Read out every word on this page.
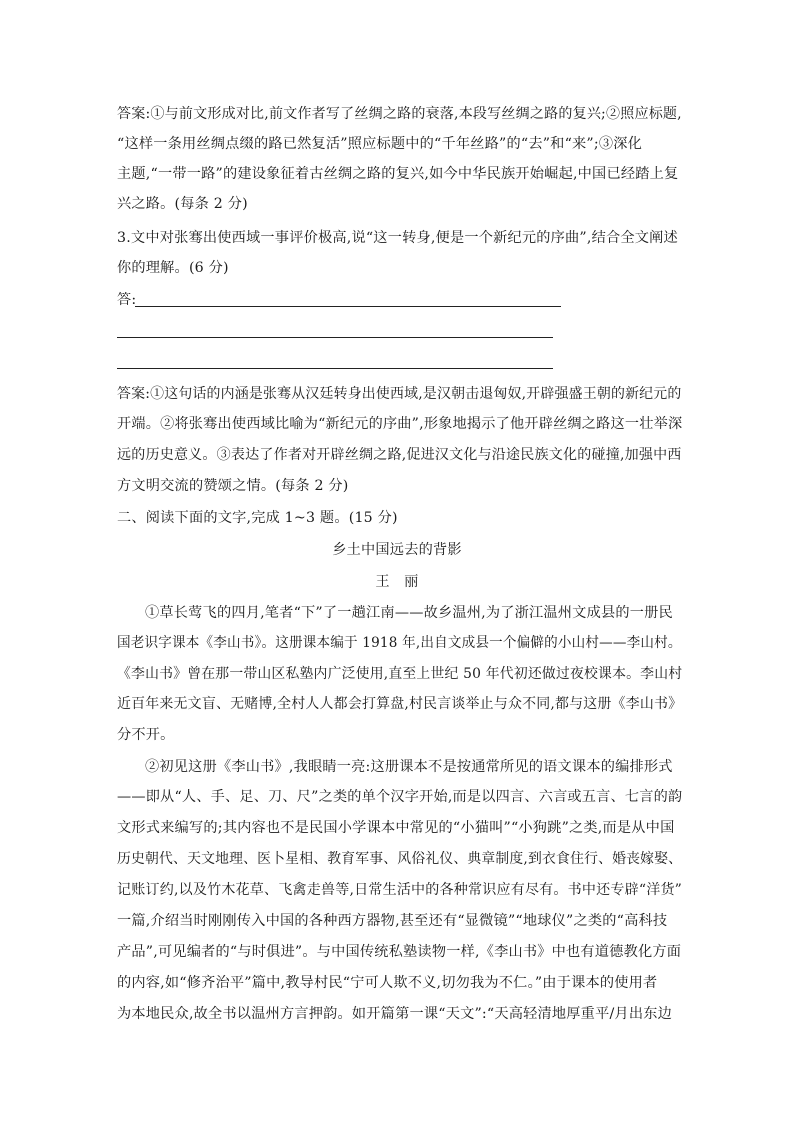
答案:①与前文形成对比,前文作者写了丝绸之路的衰落,本段写丝绸之路的复兴;②照应标题,
“这样一条用丝绸点缀的路已然复活”照应标题中的“千年丝路”的“去”和“来”;③深化
主题,“一带一路”的建设象征着古丝绸之路的复兴,如今中华民族开始崛起,中国已经踏上复
兴之路。(每条 2 分)
3.文中对张骞出使西域一事评价极高,说“这一转身,便是一个新纪元的序曲”,结合全文阐述
你的理解。(6 分)
答:
答案:①这句话的内涵是张骞从汉廷转身出使西域,是汉朝击退匈奴,开辟强盛王朝的新纪元的
开端。②将张骞出使西域比喻为“新纪元的序曲”,形象地揭示了他开辟丝绸之路这一壮举深
远的历史意义。③表达了作者对开辟丝绸之路,促进汉文化与沿途民族文化的碰撞,加强中西
方文明交流的赞颂之情。(每条 2 分)
二、阅读下面的文字,完成 1~3 题。(15 分)
乡土中国远去的背影
王　丽
①草长莺飞的四月,笔者“下”了一趟江南——故乡温州,为了浙江温州文成县的一册民
国老识字课本《李山书》。这册课本编于 1918 年,出自文成县一个偏僻的小山村——李山村。
《李山书》曾在那一带山区私塾内广泛使用,直至上世纪 50 年代初还做过夜校课本。李山村
近百年来无文盲、无赌博,全村人人都会打算盘,村民言谈举止与众不同,都与这册《李山书》
分不开。
②初见这册《李山书》,我眼睛一亮:这册课本不是按通常所见的语文课本的编排形式
——即从“人、手、足、刀、尺”之类的单个汉字开始,而是以四言、六言或五言、七言的韵
文形式来编写的;其内容也不是民国小学课本中常见的“小猫叫”“小狗跳”之类,而是从中国
历史朝代、天文地理、医卜星相、教育军事、风俗礼仪、典章制度,到衣食住行、婚丧嫁娶、
记账订约,以及竹木花草、飞禽走兽等,日常生活中的各种常识应有尽有。书中还专辟“洋货”
一篇,介绍当时刚刚传入中国的各种西方器物,甚至还有“显微镜”“地球仪”之类的“高科技
产品”,可见编者的“与时俱进”。与中国传统私塾读物一样,《李山书》中也有道德教化方面
的内容,如“修齐治平”篇中,教导村民“宁可人欺不义,切勿我为不仁。”由于课本的使用者
为本地民众,故全书以温州方言押韵。如开篇第一课“天文”:“天高轻清地厚重平/月出东边
